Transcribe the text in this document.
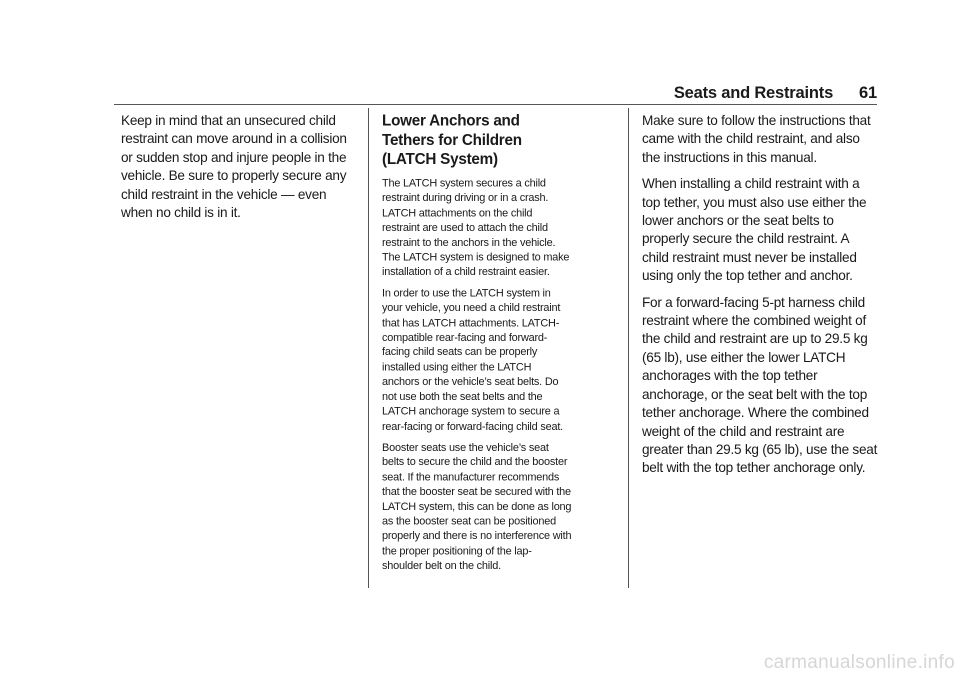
Seats and Restraints 61

Keep in mind that an unsecured child restraint can move around in a collision or sudden stop and injure people in the vehicle. Be sure to properly secure any child restraint in the vehicle — even when no child is in it.

Lower Anchors and Tethers for Children (LATCH System)

The LATCH system secures a child restraint during driving or in a crash. LATCH attachments on the child restraint are used to attach the child restraint to the anchors in the vehicle. The LATCH system is designed to make installation of a child restraint easier.

In order to use the LATCH system in your vehicle, you need a child restraint that has LATCH attachments. LATCH-compatible rear-facing and forward-facing child seats can be properly installed using either the LATCH anchors or the vehicle’s seat belts. Do not use both the seat belts and the LATCH anchorage system to secure a rear-facing or forward-facing child seat.

Booster seats use the vehicle’s seat belts to secure the child and the booster seat. If the manufacturer recommends that the booster seat be secured with the LATCH system, this can be done as long as the booster seat can be positioned properly and there is no interference with the proper positioning of the lap-shoulder belt on the child.

Make sure to follow the instructions that came with the child restraint, and also the instructions in this manual.

When installing a child restraint with a top tether, you must also use either the lower anchors or the seat belts to properly secure the child restraint. A child restraint must never be installed using only the top tether and anchor.

For a forward-facing 5-pt harness child restraint where the combined weight of the child and restraint are up to 29.5 kg (65 lb), use either the lower LATCH anchorages with the top tether anchorage, or the seat belt with the top tether anchorage. Where the combined weight of the child and restraint are greater than 29.5 kg (65 lb), use the seat belt with the top tether anchorage only.

carmanualsonline.info
